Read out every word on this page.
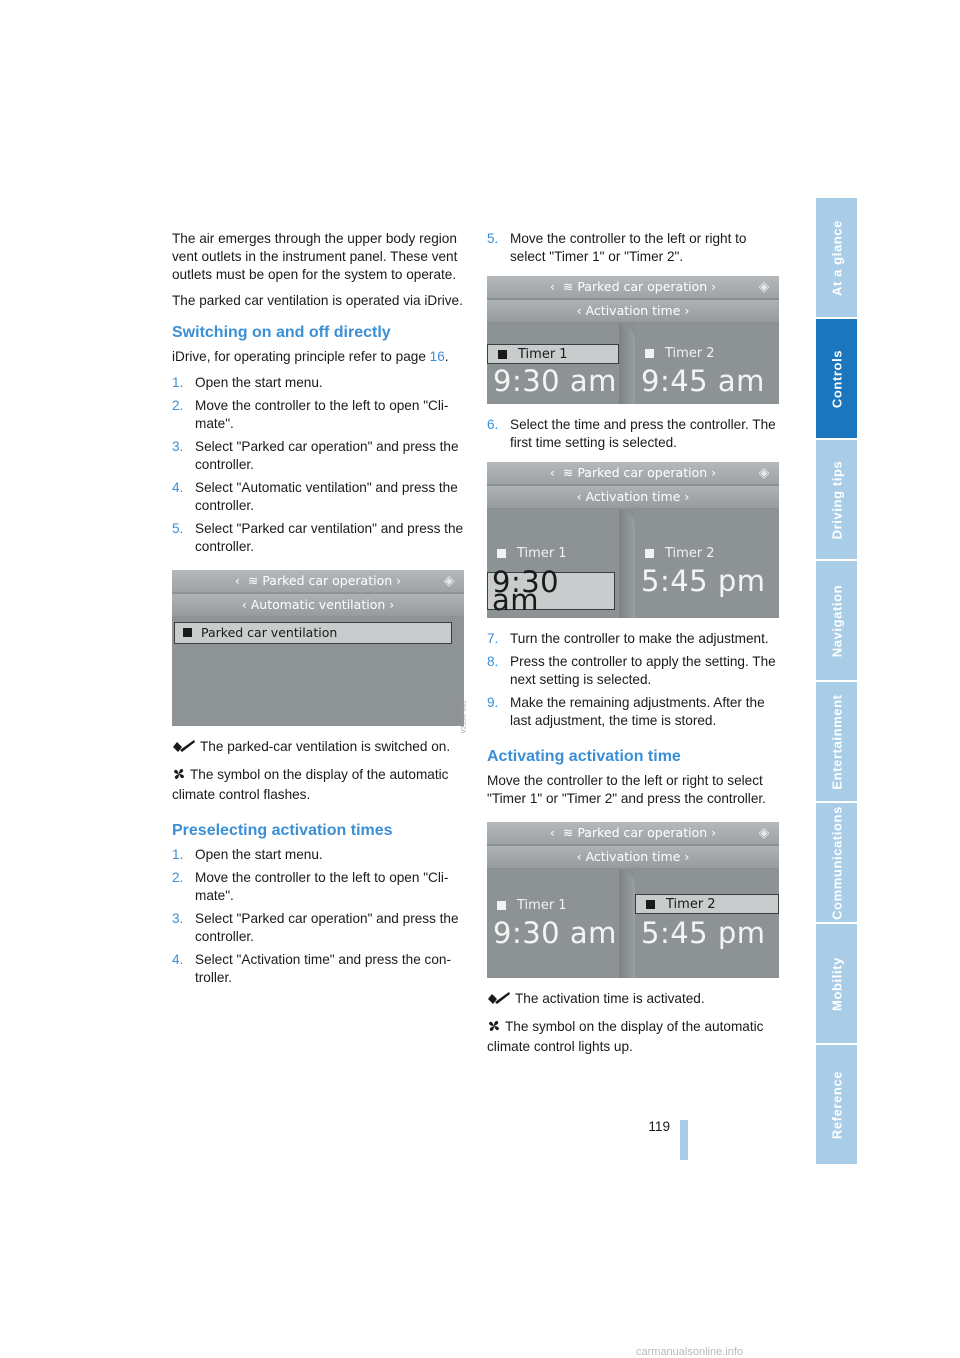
The air emerges through the upper body region vent outlets in the instrument panel. These vent outlets must be open for the system to operate.

The parked car ventilation is operated via iDrive.

Switching on and off directly

iDrive, for operating principle refer to page 16.

1. Open the start menu.
2. Move the controller to the left to open "Cli-mate".
3. Select "Parked car operation" and press the controller.
4. Select "Automatic ventilation" and press the controller.
5. Select "Parked car ventilation" and press the controller.
‹ ≋ Parked car operation ›	◈
‹ Automatic ventilation ›
Parked car ventilation
V2530-C8E
The parked-car ventilation is switched on.
The symbol on the display of the automatic climate control flashes.
Preselecting activation times
1. Open the start menu.
2. Move the controller to the left to open "Cli-mate".
3. Select "Parked car operation" and press the controller.
4. Select "Activation time" and press the con-troller.
5. Move the controller to the left or right to select "Timer 1" or "Timer 2".
‹ ≋ Parked car operation ›	◈
‹ Activation time ›
Timer 1
9:30 am
Timer 2
9:45 am
6. Select the time and press the controller. The first time setting is selected.
‹ ≋ Parked car operation ›	◈
‹ Activation time ›
Timer 1
9:30 am
Timer 2
5:45 pm
7. Turn the controller to make the adjustment.
8. Press the controller to apply the setting. The next setting is selected.
9. Make the remaining adjustments. After the last adjustment, the time is stored.
Activating activation time

Move the controller to the left or right to select "Timer 1" or "Timer 2" and press the controller.

‹ ≋ Parked car operation ›	◈
‹ Activation time ›
Timer 1
9:30 am
Timer 2
5:45 pm
The activation time is activated.
The symbol on the display of the automatic climate control lights up.
At a glance
Controls
Driving tips
Navigation
Entertainment
Communications
Mobility
Reference
119
carmanualsonline.info
